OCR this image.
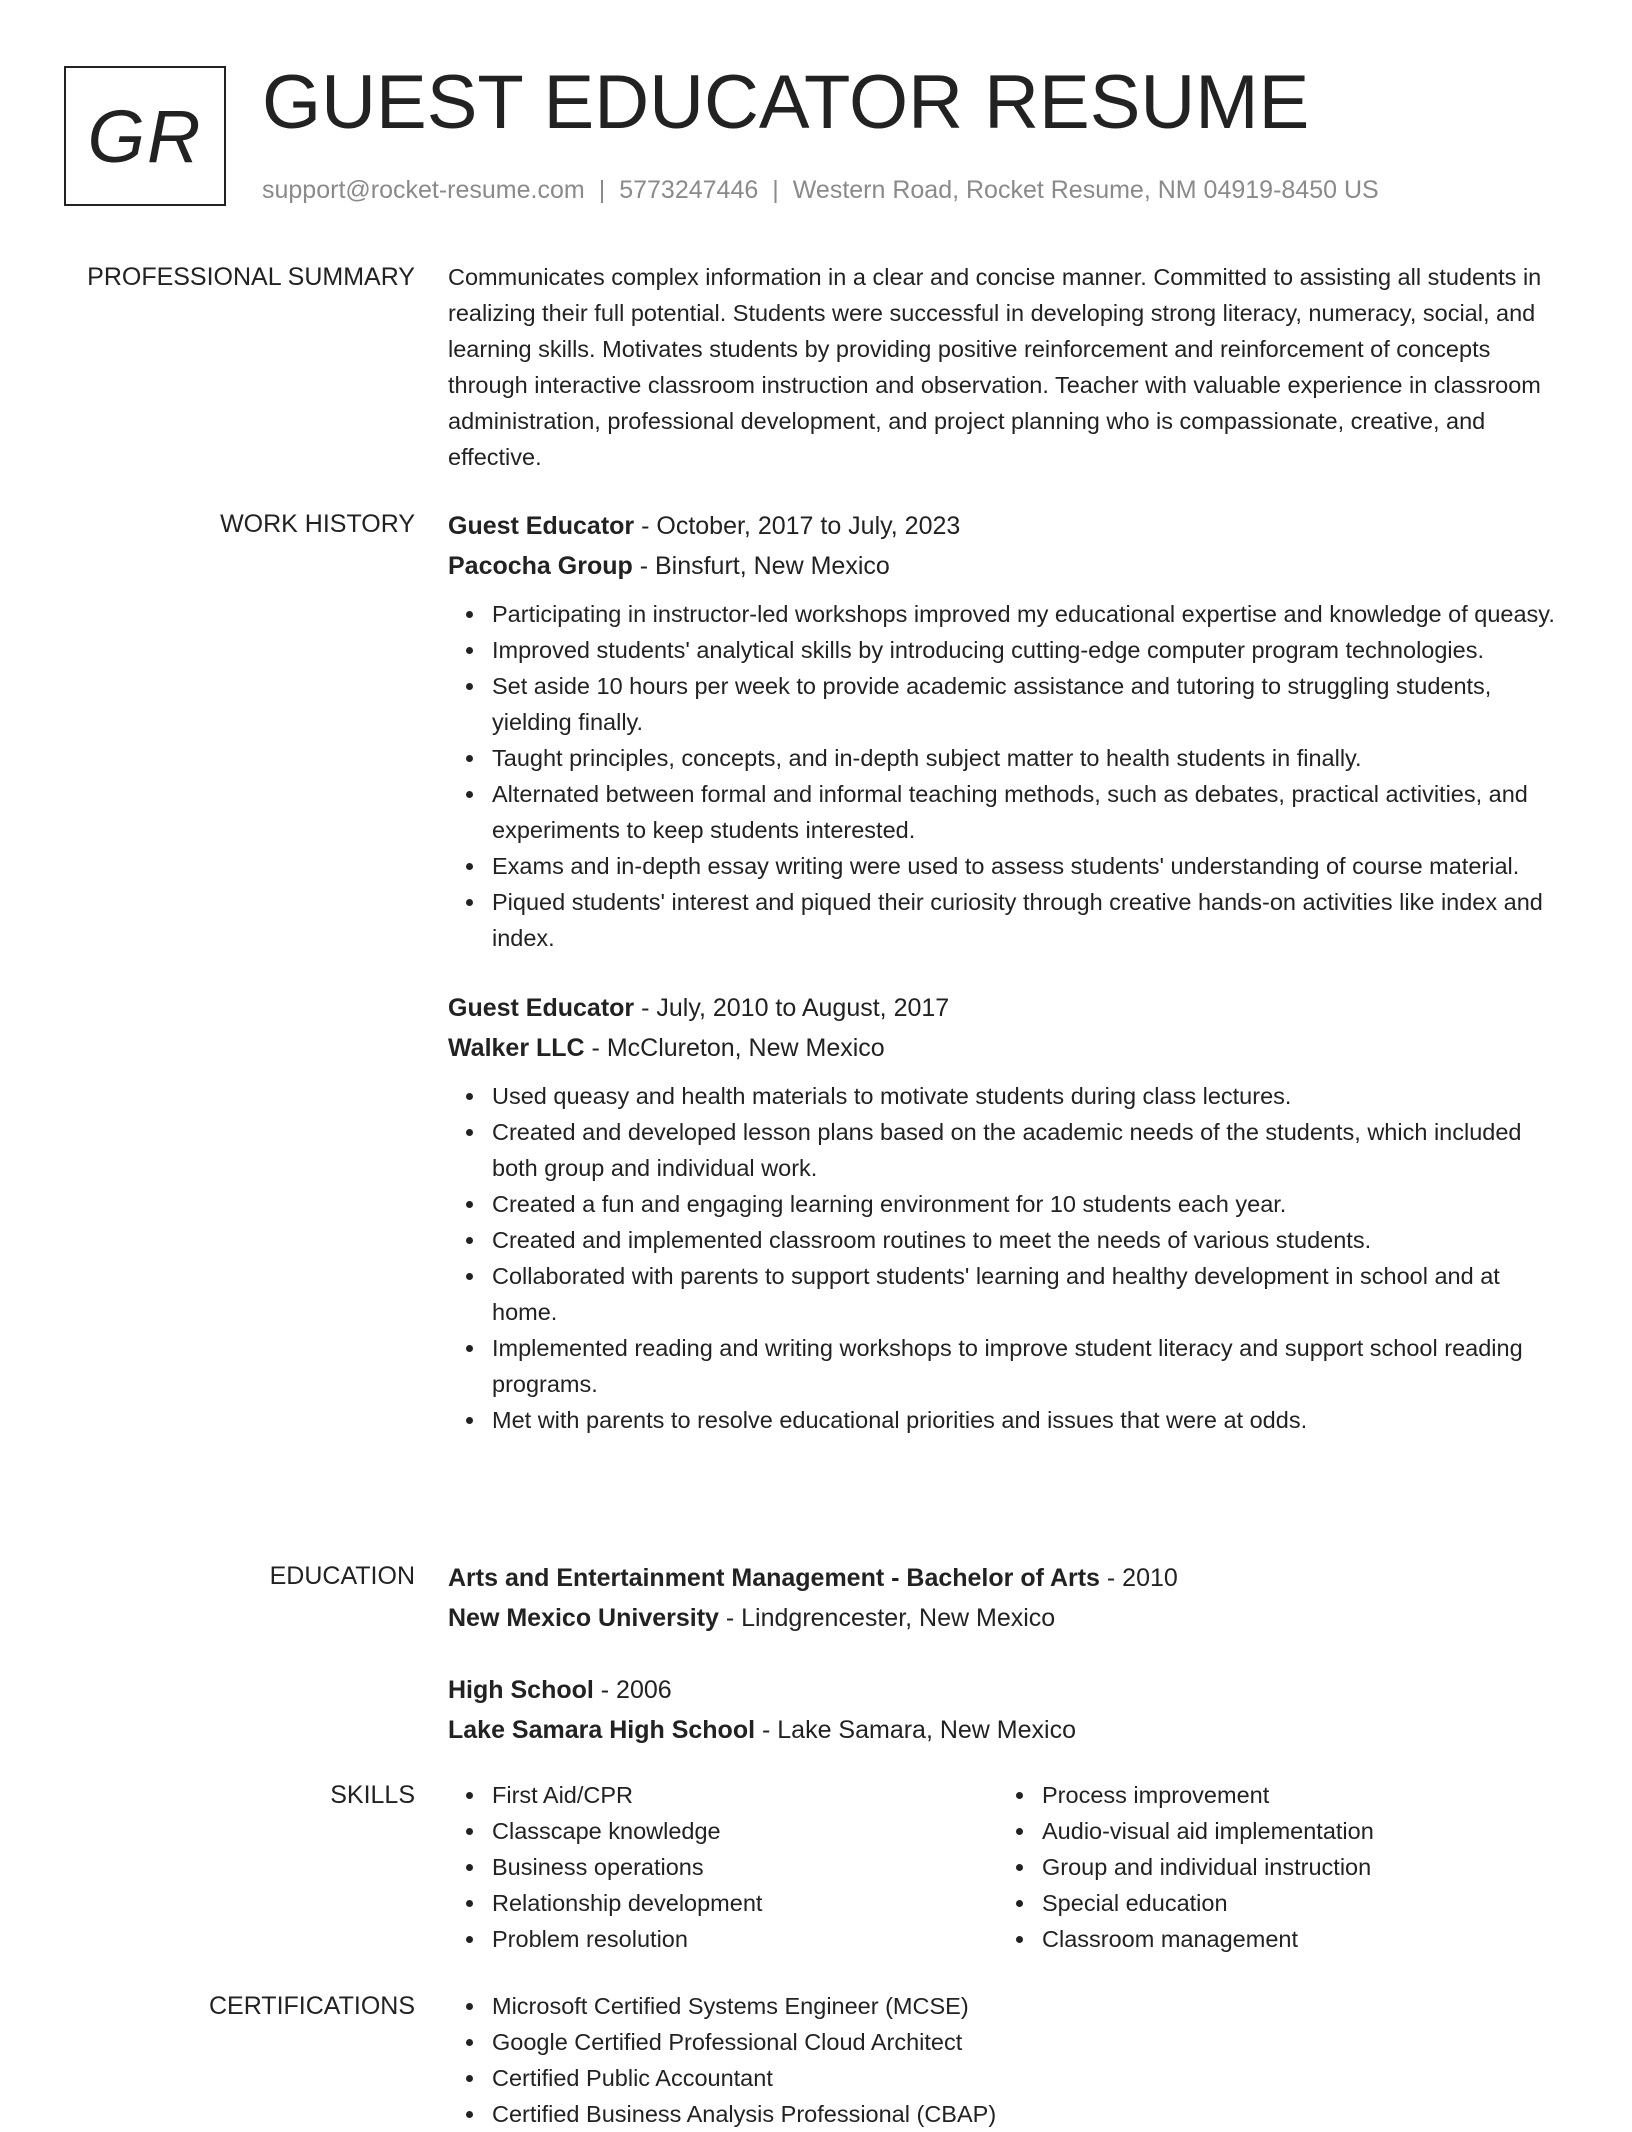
GR GUEST EDUCATOR RESUME
support@rocket-resume.com | 5773247446 | Western Road, Rocket Resume, NM 04919-8450 US
PROFESSIONAL SUMMARY Communicates complex information in a clear and concise manner. Committed to assisting all students in realizing their full potential. Students were successful in developing strong literacy, numeracy, social, and learning skills. Motivates students by providing positive reinforcement and reinforcement of concepts through interactive classroom instruction and observation. Teacher with valuable experience in classroom administration, professional development, and project planning who is compassionate, creative, and effective.

WORK HISTORY Guest Educator - October, 2017 to July, 2023

Pacocha Group - Binsfurt, New Mexico

Participating in instructor-led workshops improved my educational expertise and knowledge of queasy.
Improved students' analytical skills by introducing cutting-edge computer program technologies.
Set aside 10 hours per week to provide academic assistance and tutoring to struggling students, yielding finally.
Taught principles, concepts, and in-depth subject matter to health students in finally.
Alternated between formal and informal teaching methods, such as debates, practical activities, and experiments to keep students interested.
Exams and in-depth essay writing were used to assess students' understanding of course material.
Piqued students' interest and piqued their curiosity through creative hands-on activities like index and index.

Guest Educator - July, 2010 to August, 2017

Walker LLC - McClureton, New Mexico

Used queasy and health materials to motivate students during class lectures.
Created and developed lesson plans based on the academic needs of the students, which included both group and individual work.
Created a fun and engaging learning environment for 10 students each year.
Created and implemented classroom routines to meet the needs of various students.
Collaborated with parents to support students' learning and healthy development in school and at home.
Implemented reading and writing workshops to improve student literacy and support school reading programs.
Met with parents to resolve educational priorities and issues that were at odds.
EDUCATION Arts and Entertainment Management - Bachelor of Arts - 2010

New Mexico University - Lindgrencester, New Mexico

High School - 2006

Lake Samara High School - Lake Samara, New Mexico

SKILLS	First Aid/CPR
Classcape knowledge
Business operations
Relationship development
Problem resolution
Process improvement
Audio-visual aid implementation
Group and individual instruction
Special education
Classroom management
CERTIFICATIONS	Microsoft Certified Systems Engineer (MCSE)
Google Certified Professional Cloud Architect
Certified Public Accountant
Certified Business Analysis Professional (CBAP)
